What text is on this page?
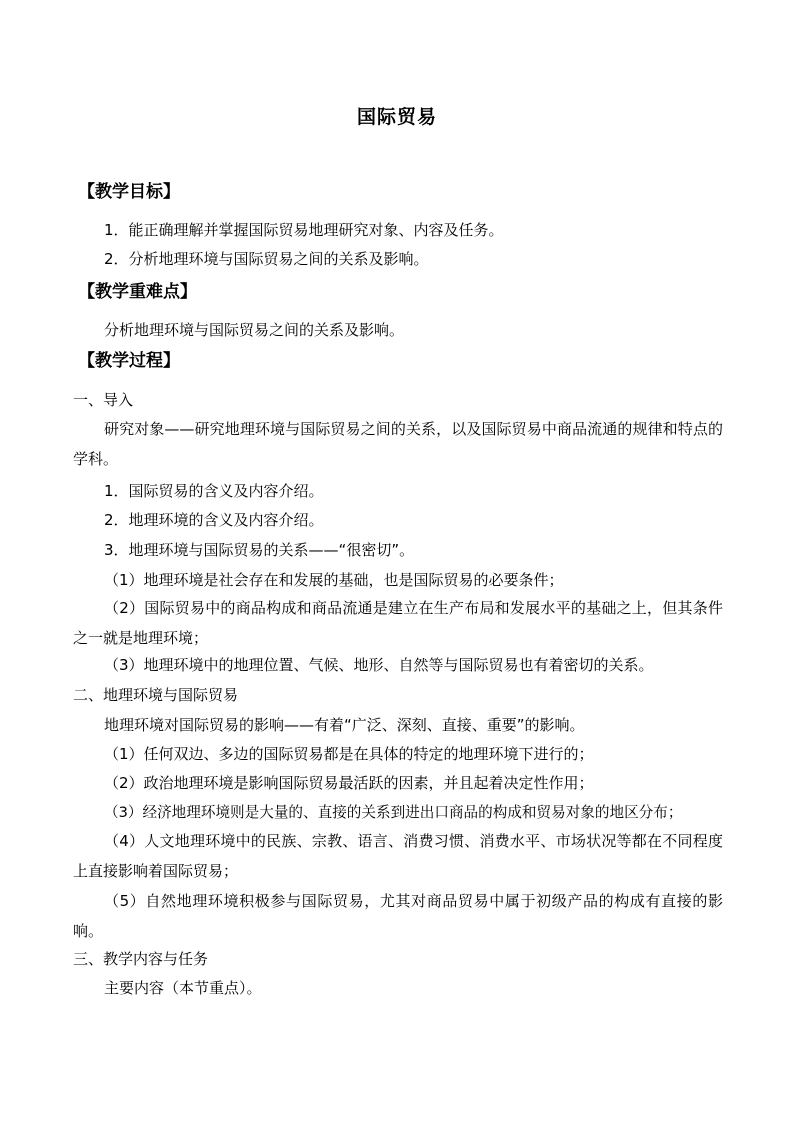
国际贸易
【教学目标】
1．能正确理解并掌握国际贸易地理研究对象、内容及任务。
2．分析地理环境与国际贸易之间的关系及影响。
【教学重难点】
分析地理环境与国际贸易之间的关系及影响。
【教学过程】
一、导入
研究对象——研究地理环境与国际贸易之间的关系，以及国际贸易中商品流通的规律和特点的学科。
1．国际贸易的含义及内容介绍。
2．地理环境的含义及内容介绍。
3．地理环境与国际贸易的关系——“很密切”。
（1）地理环境是社会存在和发展的基础，也是国际贸易的必要条件；
（2）国际贸易中的商品构成和商品流通是建立在生产布局和发展水平的基础之上，但其条件之一就是地理环境；
（3）地理环境中的地理位置、气候、地形、自然等与国际贸易也有着密切的关系。
二、地理环境与国际贸易
地理环境对国际贸易的影响——有着“广泛、深刻、直接、重要”的影响。
（1）任何双边、多边的国际贸易都是在具体的特定的地理环境下进行的；
（2）政治地理环境是影响国际贸易最活跃的因素，并且起着决定性作用；
（3）经济地理环境则是大量的、直接的关系到进出口商品的构成和贸易对象的地区分布；
（4）人文地理环境中的民族、宗教、语言、消费习惯、消费水平、市场状况等都在不同程度上直接影响着国际贸易；
（5）自然地理环境积极参与国际贸易，尤其对商品贸易中属于初级产品的构成有直接的影响。
三、教学内容与任务
主要内容（本节重点）。
